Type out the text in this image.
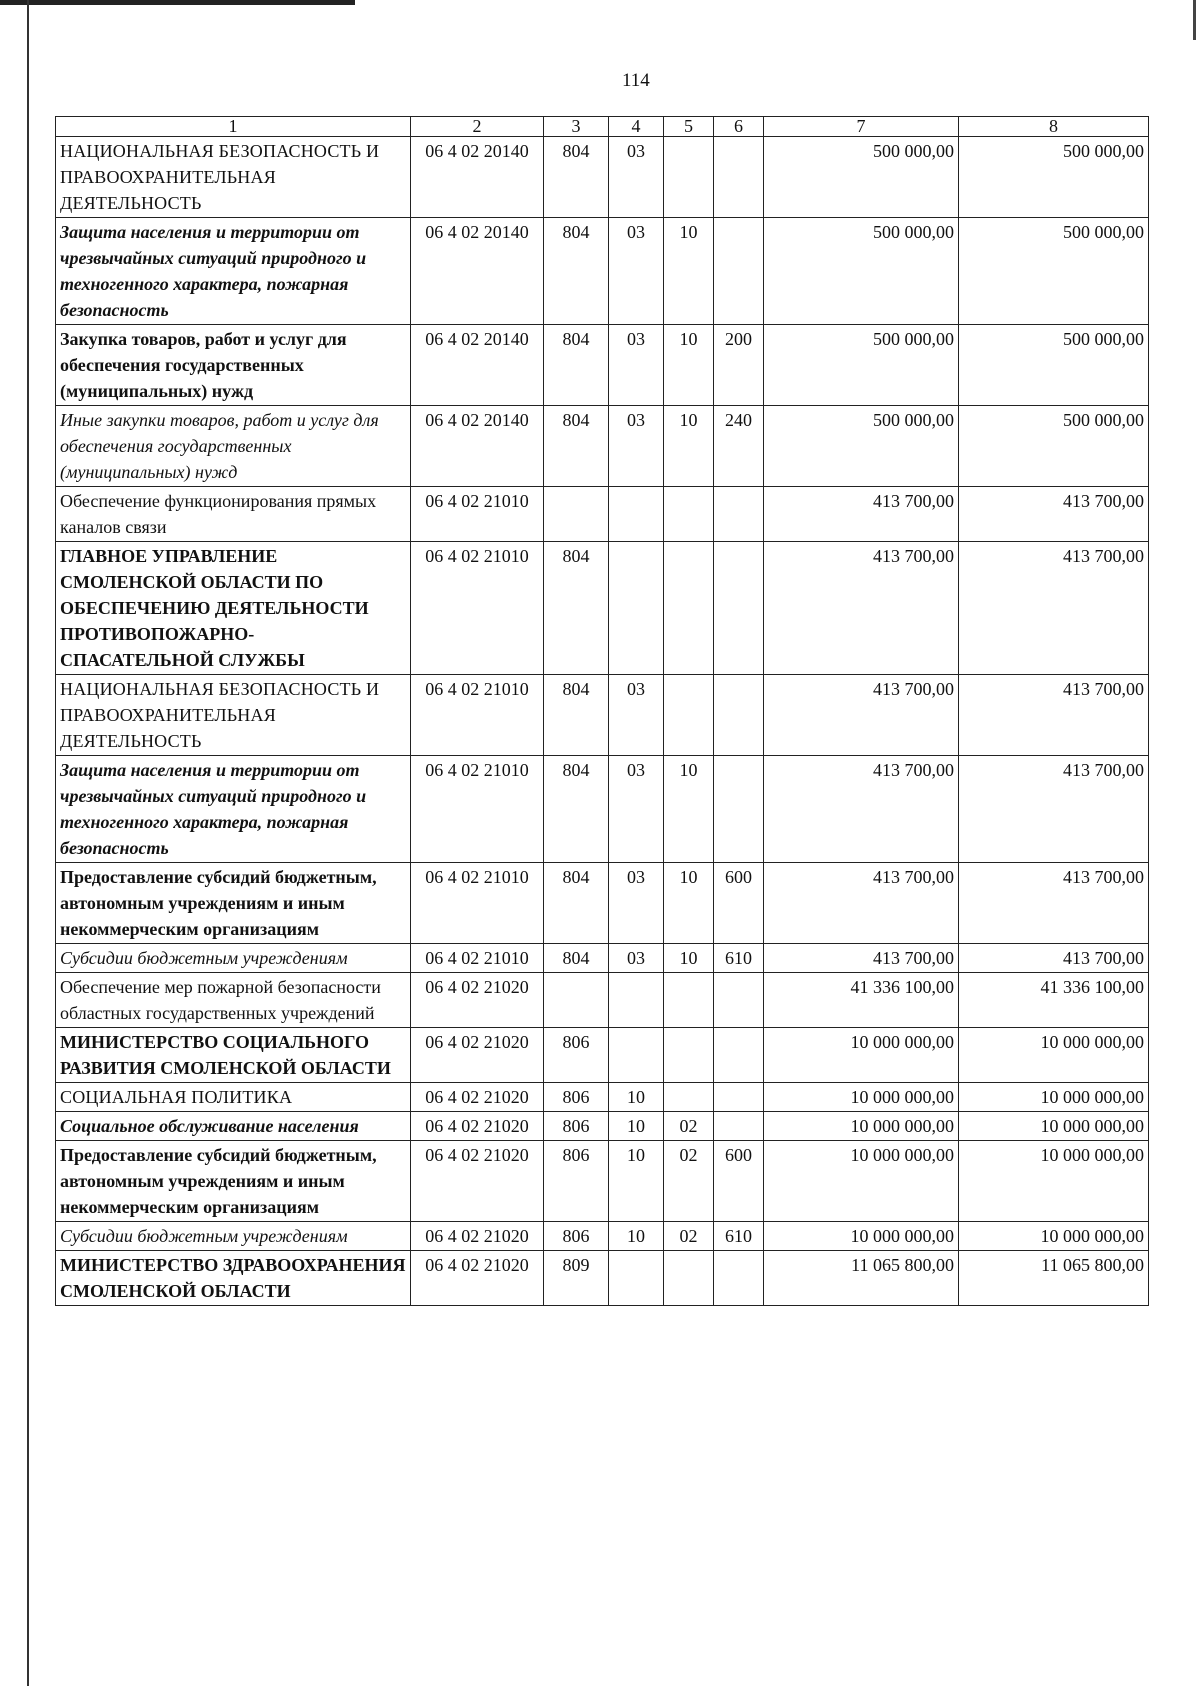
114
1	2	3	4	5	6	7	8
НАЦИОНАЛЬНАЯ БЕЗОПАСНОСТЬ И ПРАВООХРАНИТЕЛЬНАЯ ДЕЯТЕЛЬНОСТЬ	06 4 02 20140	804	03			500 000,00	500 000,00
Защита населения и территории от чрезвычайных ситуаций природного и техногенного характера, пожарная безопасность	06 4 02 20140	804	03	10		500 000,00	500 000,00
Закупка товаров, работ и услуг для обеспечения государственных (муниципальных) нужд	06 4 02 20140	804	03	10	200	500 000,00	500 000,00
Иные закупки товаров, работ и услуг для обеспечения государственных (муниципальных) нужд	06 4 02 20140	804	03	10	240	500 000,00	500 000,00
Обеспечение функционирования прямых каналов связи	06 4 02 21010					413 700,00	413 700,00
ГЛАВНОЕ УПРАВЛЕНИЕ СМОЛЕНСКОЙ ОБЛАСТИ ПО ОБЕСПЕЧЕНИЮ ДЕЯТЕЛЬНОСТИ ПРОТИВОПОЖАРНО-СПАСАТЕЛЬНОЙ СЛУЖБЫ	06 4 02 21010	804				413 700,00	413 700,00
НАЦИОНАЛЬНАЯ БЕЗОПАСНОСТЬ И ПРАВООХРАНИТЕЛЬНАЯ ДЕЯТЕЛЬНОСТЬ	06 4 02 21010	804	03			413 700,00	413 700,00
Защита населения и территории от чрезвычайных ситуаций природного и техногенного характера, пожарная безопасность	06 4 02 21010	804	03	10		413 700,00	413 700,00
Предоставление субсидий бюджетным, автономным учреждениям и иным некоммерческим организациям	06 4 02 21010	804	03	10	600	413 700,00	413 700,00
Субсидии бюджетным учреждениям	06 4 02 21010	804	03	10	610	413 700,00	413 700,00
Обеспечение мер пожарной безопасности областных государственных учреждений	06 4 02 21020					41 336 100,00	41 336 100,00
МИНИСТЕРСТВО СОЦИАЛЬНОГО РАЗВИТИЯ СМОЛЕНСКОЙ ОБЛАСТИ	06 4 02 21020	806				10 000 000,00	10 000 000,00
СОЦИАЛЬНАЯ ПОЛИТИКА	06 4 02 21020	806	10			10 000 000,00	10 000 000,00
Социальное обслуживание населения	06 4 02 21020	806	10	02		10 000 000,00	10 000 000,00
Предоставление субсидий бюджетным, автономным учреждениям и иным некоммерческим организациям	06 4 02 21020	806	10	02	600	10 000 000,00	10 000 000,00
Субсидии бюджетным учреждениям	06 4 02 21020	806	10	02	610	10 000 000,00	10 000 000,00
МИНИСТЕРСТВО ЗДРАВООХРАНЕНИЯ СМОЛЕНСКОЙ ОБЛАСТИ	06 4 02 21020	809				11 065 800,00	11 065 800,00
